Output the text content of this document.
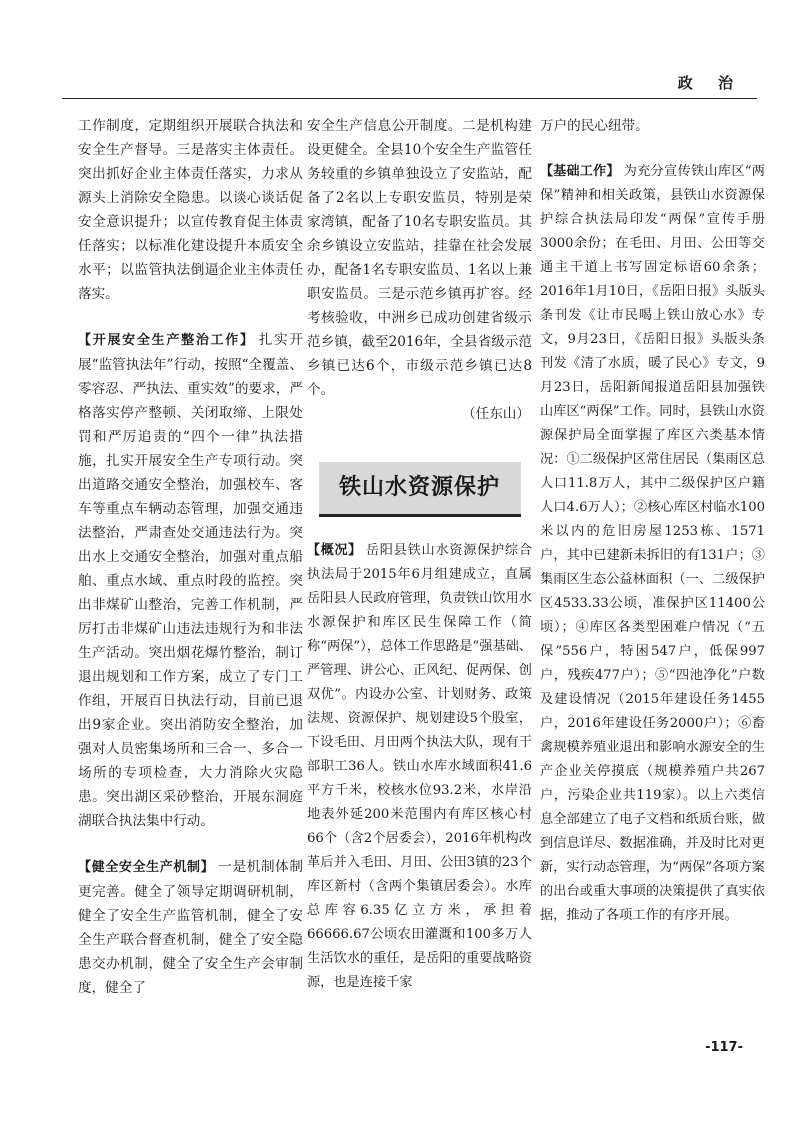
政 治

工作制度，定期组织开展联合执法和安全生产督导。三是落实主体责任。突出抓好企业主体责任落实，力求从源头上消除安全隐患。以谈心谈话促安全意识提升；以宣传教育促主体责任落实；以标准化建设提升本质安全水平；以监管执法倒逼企业主体责任落实。

【开展安全生产整治工作】 扎实开展“监管执法年”行动，按照“全覆盖、零容忍、严执法、重实效”的要求，严格落实停产整顿、关闭取缔、上限处罚和严厉追责的“四个一律”执法措施，扎实开展安全生产专项行动。突出道路交通安全整治，加强校车、客车等重点车辆动态管理，加强交通违法整治，严肃查处交通违法行为。突出水上交通安全整治，加强对重点船舶、重点水域、重点时段的监控。突出非煤矿山整治，完善工作机制，严厉打击非煤矿山违法违规行为和非法生产活动。突出烟花爆竹整治，制订退出规划和工作方案，成立了专门工作组，开展百日执法行动，目前已退出9家企业。突出消防安全整治，加强对人员密集场所和三合一、多合一场所的专项检查，大力消除火灾隐患。突出湖区采砂整治，开展东洞庭湖联合执法集中行动。

【健全安全生产机制】 一是机制体制更完善。健全了领导定期调研机制，健全了安全生产监管机制，健全了安全生产联合督查机制，健全了安全隐患交办机制，健全了安全生产会审制度，健全了

安全生产信息公开制度。二是机构建设更健全。全县10个安全生产监管任务较重的乡镇单独设立了安监站，配备了2名以上专职安监员，特别是荣家湾镇，配备了10名专职安监员。其余乡镇设立安监站，挂靠在社会发展办，配备1名专职安监员、1名以上兼职安监员。三是示范乡镇再扩容。经考核验收，中洲乡已成功创建省级示范乡镇，截至2016年，全县省级示范乡镇已达6个，市级示范乡镇已达8个。

（任东山）

铁山水资源保护

【概况】 岳阳县铁山水资源保护综合执法局于2015年6月组建成立，直属岳阳县人民政府管理，负责铁山饮用水水源保护和库区民生保障工作（简称“两保”），总体工作思路是“强基础、严管理、讲公心、正风纪、促两保、创双优”。内设办公室、计划财务、政策法规、资源保护、规划建设5个股室，下设毛田、月田两个执法大队，现有干部职工36人。铁山水库水域面积41.6平方千米，校核水位93.2米，水岸沿地表外延200米范围内有库区核心村66个（含2个居委会），2016年机构改革后并入毛田、月田、公田3镇的23个库区新村（含两个集镇居委会）。水库总库容6.35亿立方米，承担着66666.67公顷农田灌溉和100多万人生活饮水的重任，是岳阳的重要战略资源，也是连接千家

万户的民心纽带。

【基础工作】 为充分宣传铁山库区“两保”精神和相关政策，县铁山水资源保护综合执法局印发“两保”宣传手册3000余份；在毛田、月田、公田等交通主干道上书写固定标语60余条；2016年1月10日，《岳阳日报》头版头条刊发《让市民喝上铁山放心水》专文，9月23日，《岳阳日报》头版头条刊发《清了水质，暖了民心》专文，9月23日，岳阳新闻报道岳阳县加强铁山库区“两保”工作。同时，县铁山水资源保护局全面掌握了库区六类基本情况：①二级保护区常住居民（集雨区总人口11.8万人，其中二级保护区户籍人口4.6万人）；②核心库区村临水100米以内的危旧房屋1253栋、1571户，其中已建新未拆旧的有131户；③集雨区生态公益林面积（一、二级保护区4533.33公顷，准保护区11400公顷）；④库区各类型困难户情况（“五保”556户，特困547户，低保997户，残疾477户）；⑤“四池净化”户数及建设情况（2015年建设任务1455户，2016年建设任务2000户）；⑥畜禽规模养殖业退出和影响水源安全的生产企业关停摸底（规模养殖户共267户，污染企业共119家）。以上六类信息全部建立了电子文档和纸质台账，做到信息详尽、数据准确，并及时比对更新，实行动态管理，为“两保”各项方案的出台或重大事项的决策提供了真实依据，推动了各项工作的有序开展。

-117-
